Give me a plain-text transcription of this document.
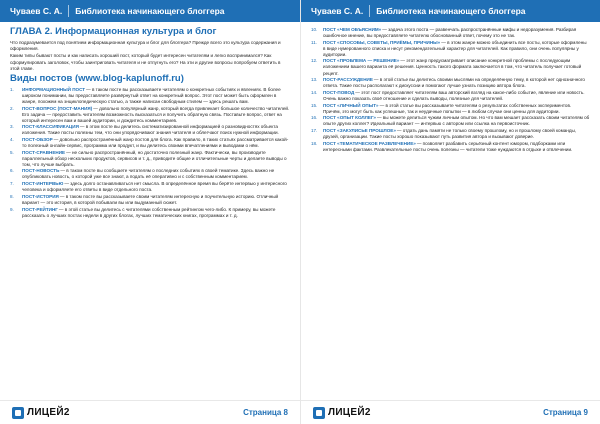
Чуваев С. А. Библиотека начинающего блоггера
ГЛАВА 2. Информационная культура и блог

Что подразумевается под понятием информационная культура и блог для блоггера? Прежде всего это культура содержания и оформления.

Каким типы бывают посты и как написать хороший пост, который будет интересен читателям и легко воспринимался? Как сформулировать заголовок, чтобы заинтриговать читателя и не отпугнуть его? На эти и другие вопросы попробуем ответить в этой главе.

Виды постов (www.blog-kaplunoff.ru)
1.	ИНФОРМАЦИОННЫЙ ПОСТ— в таком посте вы рассказываете читателям о конкретных событиях и явлениях. В более широком понимании, вы предоставляете развёрнутый ответ на конкретный вопрос. Этот пост может быть оформлен в жанре, похожем на энциклопедическую статью, а также написан свободным стилем — здесь решать вам.
2.	ПОСТ-ВОПРОС (ПОСТ-МАНИЯ)— довольно популярный жанр, который всегда привлекает большое количество читателей. Его задача — предоставить читателям возможность высказаться и получить обратную связь. Поставьте вопрос, ответ на который интересен вам и вашей аудитории, и дождитесь комментариев.
3.	ПОСТ-КЛАССИФИКАЦИЯ— в этом посте вы делитесь систематизированной информацией о разновидностях объекта изложения. Такие посты полезны тем, что они упорядочивают знания читателя и облегчают поиск нужной информации.
4.	ПОСТ-ОБЗОР— довольно распространённый жанр постов для блога. Как правило, в таких статьях рассматривается какой-то полезный онлайн-сервис, программа или продукт, и вы делитесь своими впечатлениями и выводами о нём.
5.	ПОСТ-СРАВНЕНИЕ— не сильно распространённый, но достаточно полезный жанр. Фактически, вы производите параллельный обзор нескольких продуктов, сервисов и т. д., приводите общие и отличительные черты и делаете выводы о том, что лучше выбрать.
6.	ПОСТ-НОВОСТЬ— в таком посте вы сообщаете читателям о последних событиях в своей тематике. Здесь важно не опубликовать новость, о которой уже все знают, а подать её оперативно и с собственным комментарием.
7.	ПОСТ-ИНТЕРВЬЮ— здесь долго останавливаться нет смысла. В определённое время вы берёте интервью у интересного человека и оформляете его ответы в виде отдельного поста.
8.	ПОСТ-ИСТОРИЯ— в таком посте вы рассказываете своим читателям интересную и поучительную историю. Отличный вариант — это история, в которой побывали вы или выдуманный сюжет.
9.	ПОСТ-РЕЙТИНГ— в этой статье вы делитесь с читателями собственным рейтингом чего-либо. К примеру, вы можете рассказать о лучших постах недели в других блогах, лучших тематических книгах, программах и т. д.
ЛИЦЕЙ2	Страница 8
Чуваев С. А. Библиотека начинающего блоггера
10.	ПОСТ «ЧЕМ ОБЪЯСНИМ»— задача этого поста — развенчать распространённые мифы и недоразумения. Разбирая ошибочное мнение, вы предоставляете читателю обоснованный ответ, почему это не так.
11.	ПОСТ «СПОСОБЫ, СОВЕТЫ, ПРИЁМЫ, ПРИЧИНЫ»— в этом жанре можно объединить все посты, которые оформлены в виде нумерованного списка и несут рекомендательный характер для читателей. Как правило, они очень популярны у аудитории.
12.	ПОСТ «ПРОБЛЕМА — РЕШЕНИЕ»— этот жанр предусматривает описание конкретной проблемы с последующим изложением вашего варианта её решения. Ценность такого формата заключается в том, что читатель получает готовый рецепт.
13.	ПОСТ-РАССУЖДЕНИЕ— в этой статье вы делитесь своими мыслями на определённую тему, в которой нет однозначного ответа. Такие посты располагают к дискуссии и помогают лучше узнать позицию автора блога.
14.	ПОСТ-ПОВОД— этот пост предоставляет читателям ваш авторский взгляд на какое-либо событие, явление или новость. Очень важно показать своё отношение и сделать выводы, полезные для читателей.
15.	ПОСТ «ЛИЧНЫЙ ОПЫТ»— в этой статье вы рассказываете читателям о результатах собственных экспериментов. Причём, это могут быть как успешные, так и неудачные попытки — в любом случае они ценны для аудитории.
16.	ПОСТ «ОПЫТ КОЛЛЕГ»— вы можете делиться чужим личным опытом. Но что вам мешает рассказать своим читателям об опыте других коллег? Идеальный вариант — интервью с автором или ссылка на первоисточник.
17.	ПОСТ «ЗАКУЛИСЬЕ ПРОШЛОЕ»— отдать дань памяти не только своему прошлому, но и прошлому своей команды, друзей, организации. Такие посты хорошо показывают путь развития автора и вызывают доверие.
18.	ПОСТ «ТЕМАТИЧЕСКОЕ РАЗВЛЕЧЕНИЕ»— позволяет разбавить серьёзный контент юмором, подборками или интересными фактами. Развлекательные посты очень полезны — читатели тоже нуждаются в отдыхе и отвлечении.
ЛИЦЕЙ2	Страница 9
